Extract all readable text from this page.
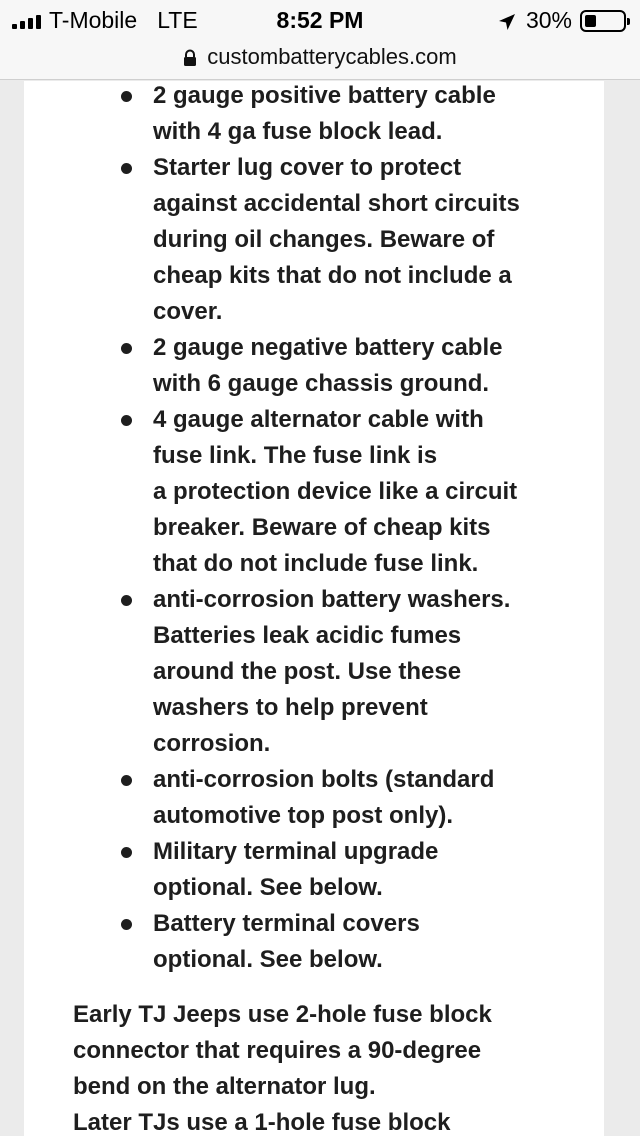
T-Mobile LTE	8:52 PM	30%
custombatterycables.com
2 gauge positive battery cable
with 4 ga fuse block lead.
Starter lug cover to protect
against accidental short circuits
during oil changes. Beware of
cheap kits that do not include a
cover.
2 gauge negative battery cable
with 6 gauge chassis ground.
4 gauge alternator cable with
fuse link. The fuse link is
a protection device like a circuit
breaker. Beware of cheap kits
that do not include fuse link.
anti-corrosion battery washers.
Batteries leak acidic fumes
around the post. Use these
washers to help prevent
corrosion.
anti-corrosion bolts (standard
automotive top post only).
Military terminal upgrade
optional. See below.
Battery terminal covers
optional. See below.
Early TJ Jeeps use 2-hole fuse block
connector that requires a 90-degree
bend on the alternator lug.
Later TJs use a 1-hole fuse block
